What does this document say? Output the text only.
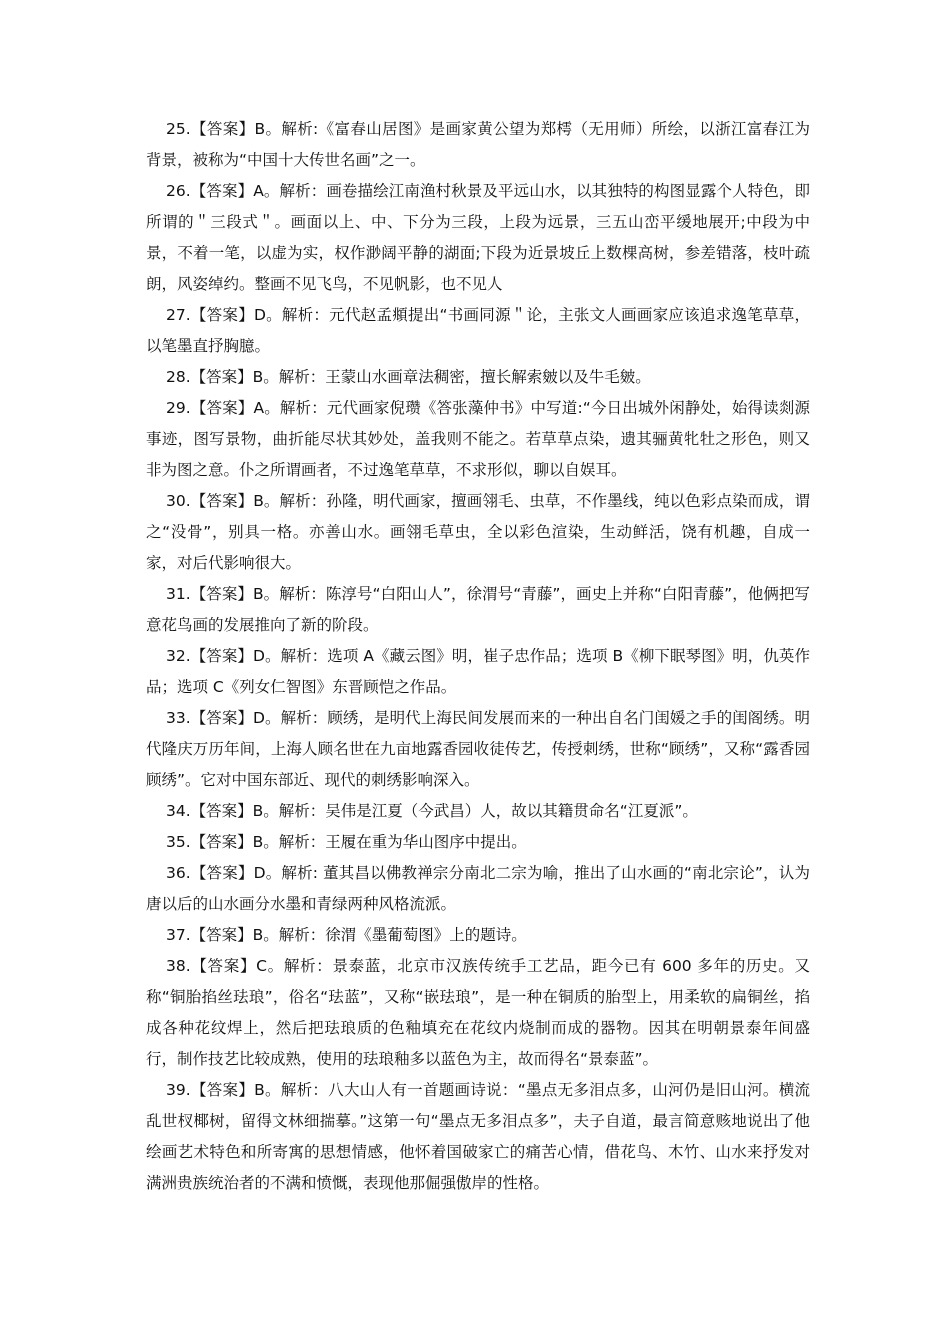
25.【答案】B。解析:《富春山居图》是画家黄公望为郑樗（无用师）所绘，以浙江富春江为背景，被称为“中国十大传世名画”之一。

26.【答案】A。解析：画卷描绘江南渔村秋景及平远山水，以其独特的构图显露个人特色，即所谓的＂三段式＂。画面以上、中、下分为三段，上段为远景，三五山峦平缓地展开;中段为中景，不着一笔，以虚为实，权作渺阔平静的湖面;下段为近景坡丘上数棵高树，参差错落，枝叶疏朗，风姿绰约。整画不见飞鸟，不见帆影，也不见人

27.【答案】D。解析：元代赵孟頫提出“书画同源＂论，主张文人画画家应该追求逸笔草草，以笔墨直抒胸臆。

28.【答案】B。解析：王蒙山水画章法稠密，擅长解索皴以及牛毛皴。

29.【答案】A。解析：元代画家倪瓒《答张藻仲书》中写道:“今日出城外闲静处，始得读剡源事迹，图写景物，曲折能尽状其妙处，盖我则不能之。若草草点染，遗其骊黄牝牡之形色，则又非为图之意。仆之所谓画者，不过逸笔草草，不求形似，聊以自娱耳。

30.【答案】B。解析：孙隆，明代画家，擅画翎毛、虫草，不作墨线，纯以色彩点染而成，谓之“没骨”，别具一格。亦善山水。画翎毛草虫，全以彩色渲染，生动鲜活，饶有机趣，自成一家，对后代影响很大。

31.【答案】B。解析：陈淳号“白阳山人”，徐渭号“青藤”，画史上并称“白阳青藤”，他俩把写意花鸟画的发展推向了新的阶段。

32.【答案】D。解析：选项 A《藏云图》明，崔子忠作品；选项 B《柳下眠琴图》明，仇英作品；选项 C《列女仁智图》东晋顾恺之作品。

33.【答案】D。解析：顾绣，是明代上海民间发展而来的一种出自名门闺媛之手的闺阁绣。明代隆庆万历年间，上海人顾名世在九亩地露香园收徒传艺，传授刺绣，世称“顾绣”，又称“露香园顾绣”。它对中国东部近、现代的刺绣影响深入。

34.【答案】B。解析：吴伟是江夏（今武昌）人，故以其籍贯命名“江夏派”。

35.【答案】B。解析：王履在重为华山图序中提出。

36.【答案】D。解析: 董其昌以佛教禅宗分南北二宗为喻，推出了山水画的“南北宗论”，认为唐以后的山水画分水墨和青绿两种风格流派。

37.【答案】B。解析：徐渭《墨葡萄图》上的题诗。

38.【答案】C。解析：景泰蓝，北京市汉族传统手工艺品，距今已有 600 多年的历史。又称“铜胎掐丝珐琅”，俗名“珐蓝”，又称“嵌珐琅”，是一种在铜质的胎型上，用柔软的扁铜丝，掐成各种花纹焊上，然后把珐琅质的色釉填充在花纹内烧制而成的器物。因其在明朝景泰年间盛行，制作技艺比较成熟，使用的珐琅釉多以蓝色为主，故而得名“景泰蓝”。

39.【答案】B。解析：八大山人有一首题画诗说：“墨点无多泪点多，山河仍是旧山河。横流乱世杈椰树，留得文林细揣摹。”这第一句“墨点无多泪点多”，夫子自道，最言简意赅地说出了他绘画艺术特色和所寄寓的思想情感，他怀着国破家亡的痛苦心情，借花鸟、木竹、山水来抒发对满洲贵族统治者的不满和愤慨，表现他那倔强傲岸的性格。
